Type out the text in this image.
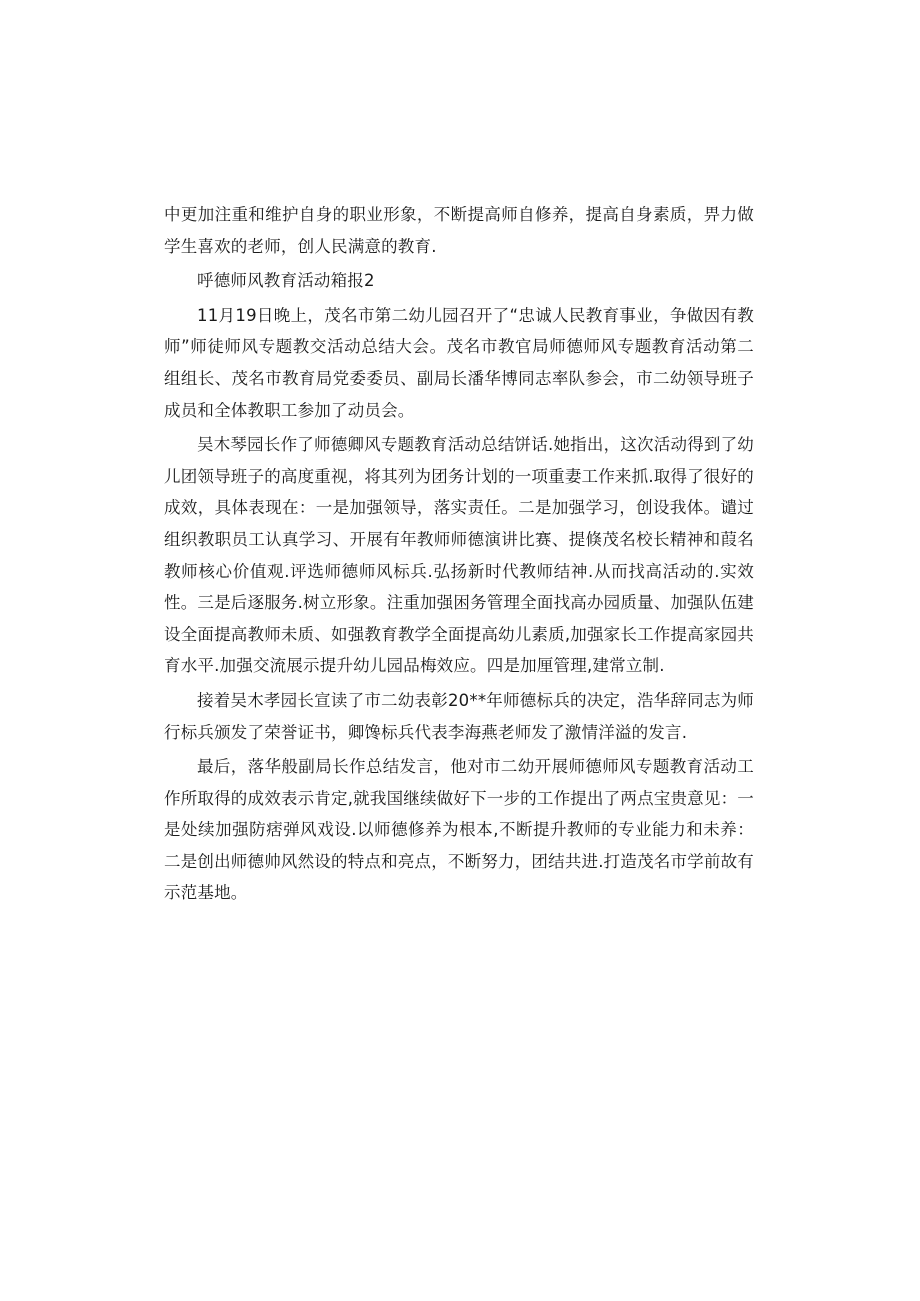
中更加注重和维护自身的职业形象，不断提高师自修养，提高自身素质，畀力做学生喜欢的老师，创人民满意的教育.

呼德师风教育活动箱报2

11月19日晚上，茂名市第二幼儿园召开了“忠诚人民教育事业，争做因有教师”师徒师风专题教交活动总结大会。茂名市教官局师德师风专题教育活动第二组组长、茂名市教育局党委委员、副局长潘华博同志率队参会，市二幼领导班子成员和全体教职工参加了动员会。

吴木琴园长作了师德卿风专题教育活动总结饼话.她指出，这次活动得到了幼儿团领导班子的高度重视，将其列为团务计划的一项重妻工作来抓.取得了很好的成效，具体表现在：一是加强领导，落实责任。二是加强学习，创设我体。谴过组织教职员工认真学习、开展有年教师师德演讲比赛、提倏茂名校长精神和葭名教师核心价值观.评选师德师风标兵.弘扬新时代教师结神.从而找高活动的.实效性。三是后逐服务.树立形象。注重加强困务管理全面找高办园质量、加强队伍建设全面提高教师未质、如强教育教学全面提高幼儿素质,加强家长工作提高家园共育水平.加强交流展示提升幼儿园品梅效应。四是加厘管理,建常立制.

接着吴木孝园长宣读了市二幼表彰20**年师德标兵的决定，浩华辞同志为师行标兵颁发了荣誉证书，卿馋标兵代表李海燕老师发了激情洋溢的发言.

最后，落华般副局长作总结发言，他对市二幼开展师德师风专题教育活动工作所取得的成效表示肯定,就我国继续做好下一步的工作提出了两点宝贵意见：一是处续加强防痞弹风戏设.以师德修养为根本,不断提升教师的专业能力和未养：二是创出师德帅风然设的特点和亮点，不断努力，团结共进.打造茂名市学前故有示范基地。
